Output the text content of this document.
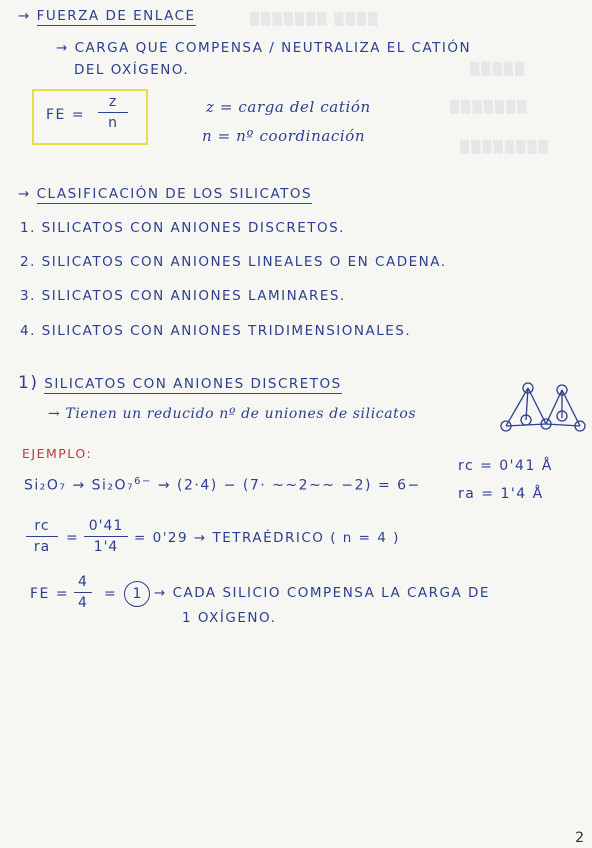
▒▒▒▒▒▒▒ ▒▒▒▒
▒▒▒▒▒
▒▒▒▒▒▒▒
▒▒▒▒▒▒▒▒
→ FUERZA DE ENLACE
→ CARGA QUE COMPENSA / NEUTRALIZA EL CATIÓN
DEL OXÍGENO.
FE =
z
n
z = carga del catión
n = nº coordinación
→ CLASIFICACIÓN DE LOS SILICATOS
1. SILICATOS CON ANIONES DISCRETOS.
2. SILICATOS CON ANIONES LINEALES O EN CADENA.
3. SILICATOS CON ANIONES LAMINARES.
4. SILICATOS CON ANIONES TRIDIMENSIONALES.
1) SILICATOS CON ANIONES DISCRETOS
→ Tienen un reducido nº de uniones de silicatos
EJEMPLO:
Si₂O₇ → Si₂O₇$^{6-}$ → (2·4) − (7· ~~2~~ −2) = 6−
rc = 0'41 Å
ra = 1'4 Å
rc
ra
=
0'41
1'4
= 0'29 → TETRAÉDRICO ( n = 4 )
FE =
4
4
=	1 → CADA SILICIO COMPENSA LA CARGA DE
1 OXÍGENO.
2
